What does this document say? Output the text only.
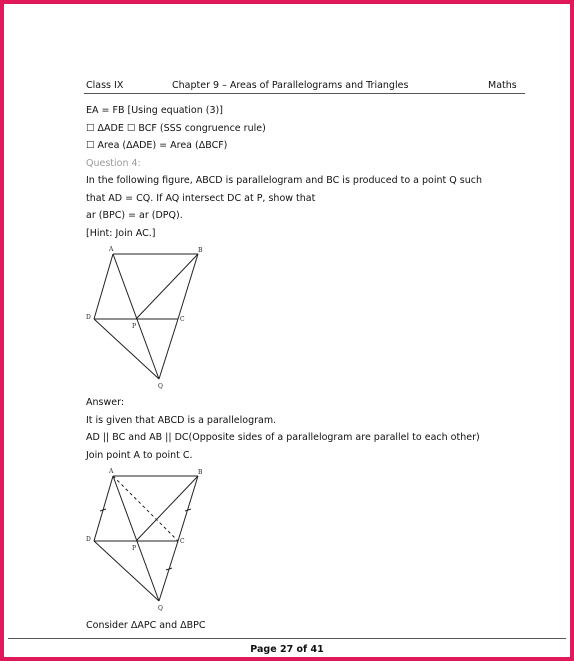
Class IX	Chapter 9 – Areas of Parallelograms and Triangles	Maths
EA = FB [Using equation (3)]
☐ ΔADE ☐ BCF (SSS congruence rule)
☐ Area (ΔADE) = Area (ΔBCF)
Question 4:
In the following figure, ABCD is parallelogram and BC is produced to a point Q such
that AD = CQ. If AQ intersect DC at P, show that
ar (BPC) = ar (DPQ).
[Hint: Join AC.]
A	B
C
D
P
Q
Answer:
It is given that ABCD is a parallelogram.
AD || BC and AB || DC(Opposite sides of a parallelogram are parallel to each other)
Join point A to point C.
A	B
C
D
P
Q
Consider ΔAPC and ΔBPC
Page 27 of 41
